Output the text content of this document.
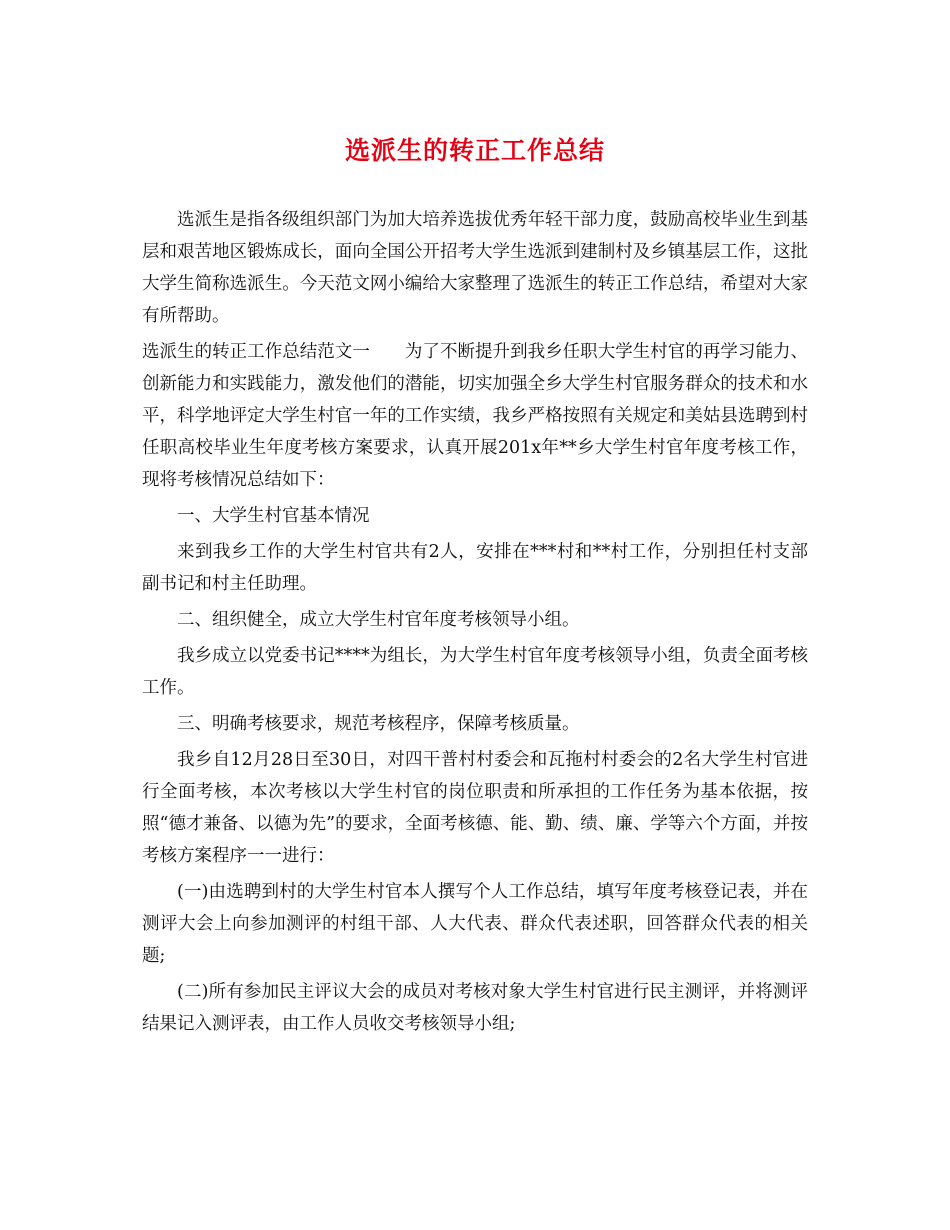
选派生的转正工作总结

选派生是指各级组织部门为加大培养选拔优秀年轻干部力度，鼓励高校毕业生到基层和艰苦地区锻炼成长，面向全国公开招考大学生选派到建制村及乡镇基层工作，这批大学生简称选派生。今天范文网小编给大家整理了选派生的转正工作总结，希望对大家有所帮助。

选派生的转正工作总结范文一　　为了不断提升到我乡任职大学生村官的再学习能力、创新能力和实践能力，激发他们的潜能，切实加强全乡大学生村官服务群众的技术和水平，科学地评定大学生村官一年的工作实绩，我乡严格按照有关规定和美姑县选聘到村任职高校毕业生年度考核方案要求，认真开展201x年**乡大学生村官年度考核工作，现将考核情况总结如下：

一、大学生村官基本情况

来到我乡工作的大学生村官共有2人，安排在***村和**村工作，分别担任村支部副书记和村主任助理。

二、组织健全，成立大学生村官年度考核领导小组。

我乡成立以党委书记****为组长，为大学生村官年度考核领导小组，负责全面考核工作。

三、明确考核要求，规范考核程序，保障考核质量。

我乡自12月28日至30日，对四干普村村委会和瓦拖村村委会的2名大学生村官进行全面考核，本次考核以大学生村官的岗位职责和所承担的工作任务为基本依据，按照“德才兼备、以德为先”的要求，全面考核德、能、勤、绩、廉、学等六个方面，并按考核方案程序一一进行：

(一)由选聘到村的大学生村官本人撰写个人工作总结，填写年度考核登记表，并在测评大会上向参加测评的村组干部、人大代表、群众代表述职，回答群众代表的相关题;

(二)所有参加民主评议大会的成员对考核对象大学生村官进行民主测评，并将测评结果记入测评表，由工作人员收交考核领导小组;
